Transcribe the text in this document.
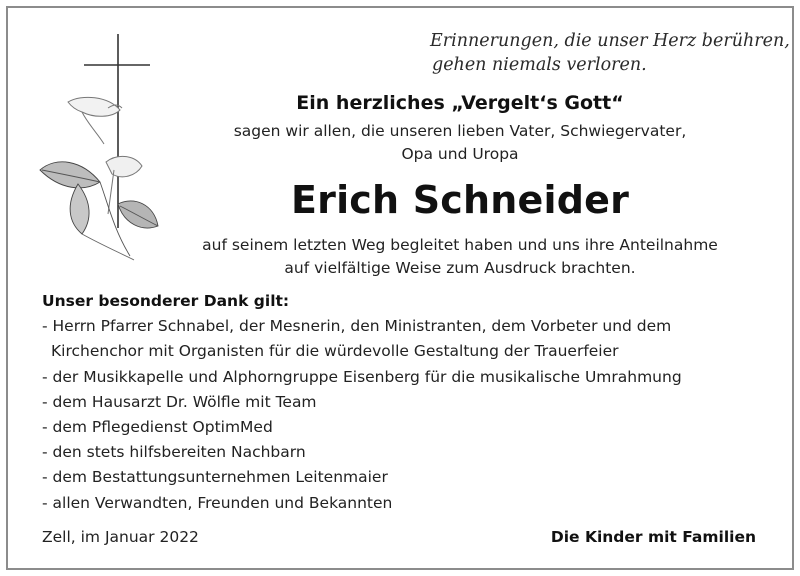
Erinnerungen, die unser Herz berühren,
gehen niemals verloren.
Ein herzliches „Vergelt‘s Gott“
sagen wir allen, die unseren lieben Vater, Schwiegervater,
Opa und Uropa
Erich Schneider
auf seinem letzten Weg begleitet haben und uns ihre Anteilnahme
auf vielfältige Weise zum Ausdruck brachten.
Unser besonderer Dank gilt:
- Herrn Pfarrer Schnabel, der Mesnerin, den Ministranten, dem Vorbeter und dem
Kirchenchor mit Organisten für die würdevolle Gestaltung der Trauerfeier
- der Musikkapelle und Alphorngruppe Eisenberg für die musikalische Umrahmung
- dem Hausarzt Dr. Wölfle mit Team
- dem Pflegedienst OptimMed
- den stets hilfsbereiten Nachbarn
- dem Bestattungsunternehmen Leitenmaier
- allen Verwandten, Freunden und Bekannten
Zell, im Januar 2022	Die Kinder mit Familien
